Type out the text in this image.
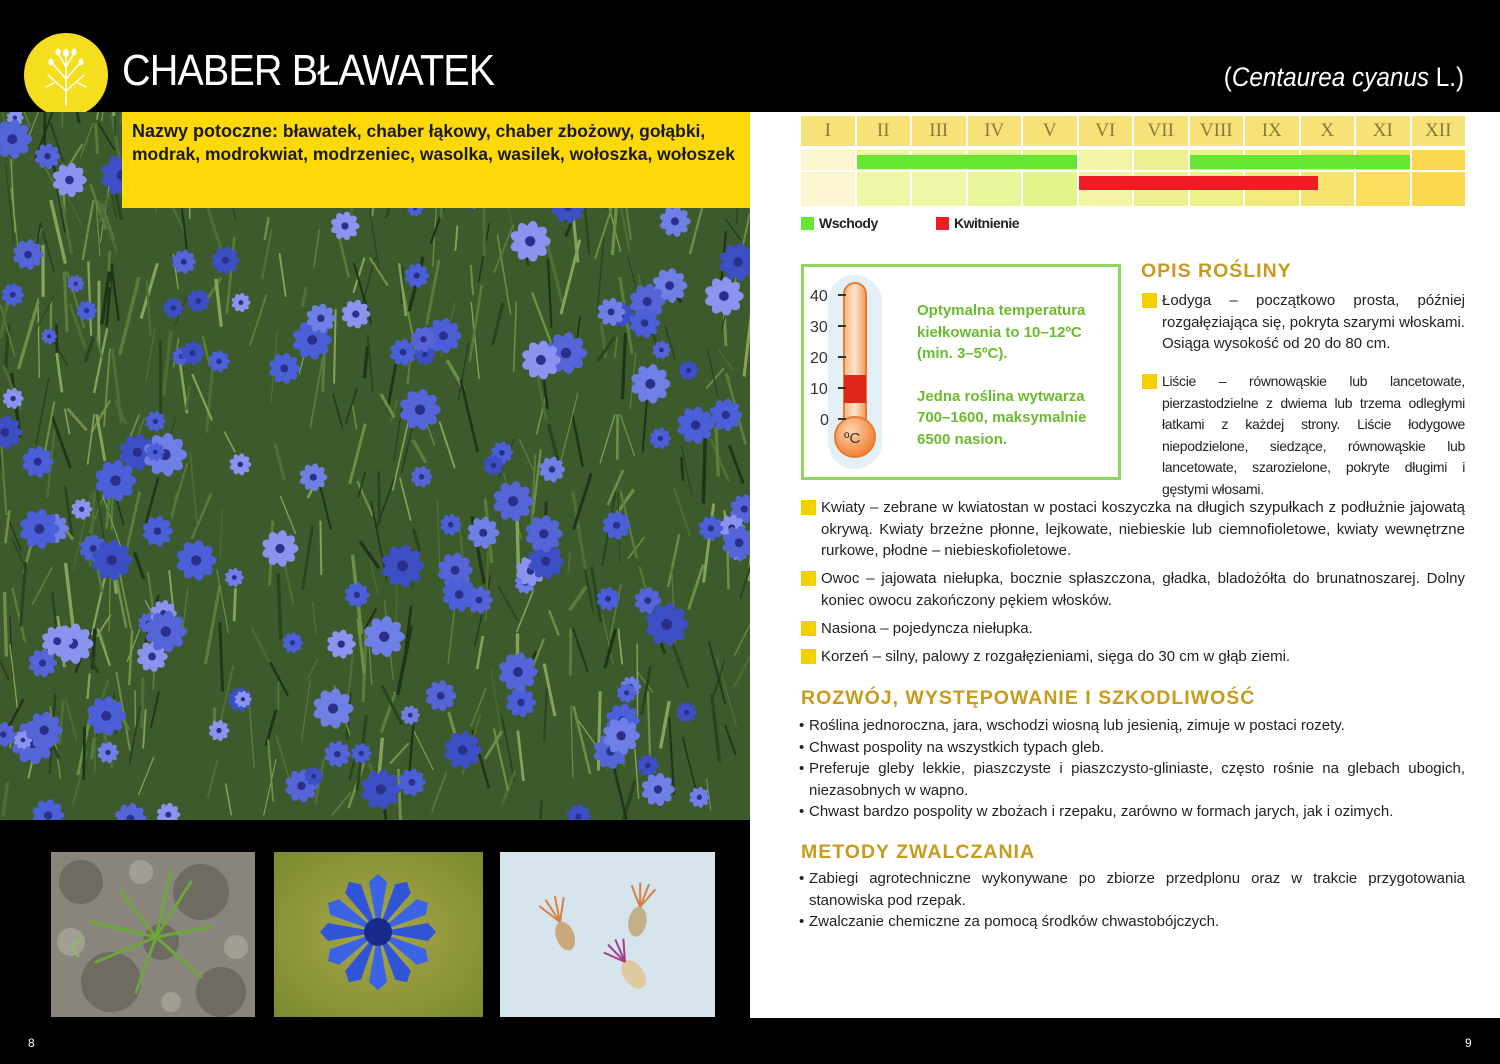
CHABER BŁAWATEK	(Centaurea cyanus L.)
Nazwy potoczne: bławatek, chaber łąkowy, chaber zbożowy, gołąbki, modrak, modrokwiat, modrzeniec, wasolka, wasilek, wołoszka, wołoszek
8	9
I	II	III	IV	V	VI	VII	VIII	IX	X	XI	XII
Wschody	Kwitnienie
40
30
20
10
0
ºC

Optymalna temperatura kiełkowania to 10–12ºC (min. 3–5ºC).

Jedna roślina wytwarza 700–1600, maksymalnie 6500 nasion.

OPIS ROŚLINY
Łodyga – początkowo prosta, później rozgałęziająca się, pokryta szarymi włoskami. Osiąga wysokość od 20 do 80 cm.
Liście – równowąskie lub lancetowate, pierzastodzielne z dwiema lub trzema odległymi łatkami z każdej strony. Liście łodygowe niepodzielone, siedzące, równowąskie lub lancetowate, szarozielone, pokryte długimi i gęstymi włosami.
Kwiaty – zebrane w kwiatostan w postaci koszyczka na długich szypułkach z podłużnie jajowatą okrywą. Kwiaty brzeżne płonne, lejkowate, niebieskie lub ciemnofioletowe, kwiaty wewnętrzne rurkowe, płodne – niebieskofioletowe.
Owoc – jajowata niełupka, bocznie spłaszczona, gładka, bladożółta do brunatnoszarej. Dolny koniec owocu zakończony pękiem włosków.
Nasiona – pojedyncza niełupka.
Korzeń – silny, palowy z rozgałęzieniami, sięga do 30 cm w głąb ziemi.
ROZWÓJ, WYSTĘPOWANIE I SZKODLIWOŚĆ
• Roślina jednoroczna, jara, wschodzi wiosną lub jesienią, zimuje w postaci rozety.
• Chwast pospolity na wszystkich typach gleb.
• Preferuje gleby lekkie, piaszczyste i piaszczysto-gliniaste, często rośnie na glebach ubogich, niezasobnych w wapno.
• Chwast bardzo pospolity w zbożach i rzepaku, zarówno w formach jarych, jak i ozimych.
METODY ZWALCZANIA
• Zabiegi agrotechniczne wykonywane po zbiorze przedplonu oraz w trakcie przygotowania stanowiska pod rzepak.
• Zwalczanie chemiczne za pomocą środków chwastobójczych.
